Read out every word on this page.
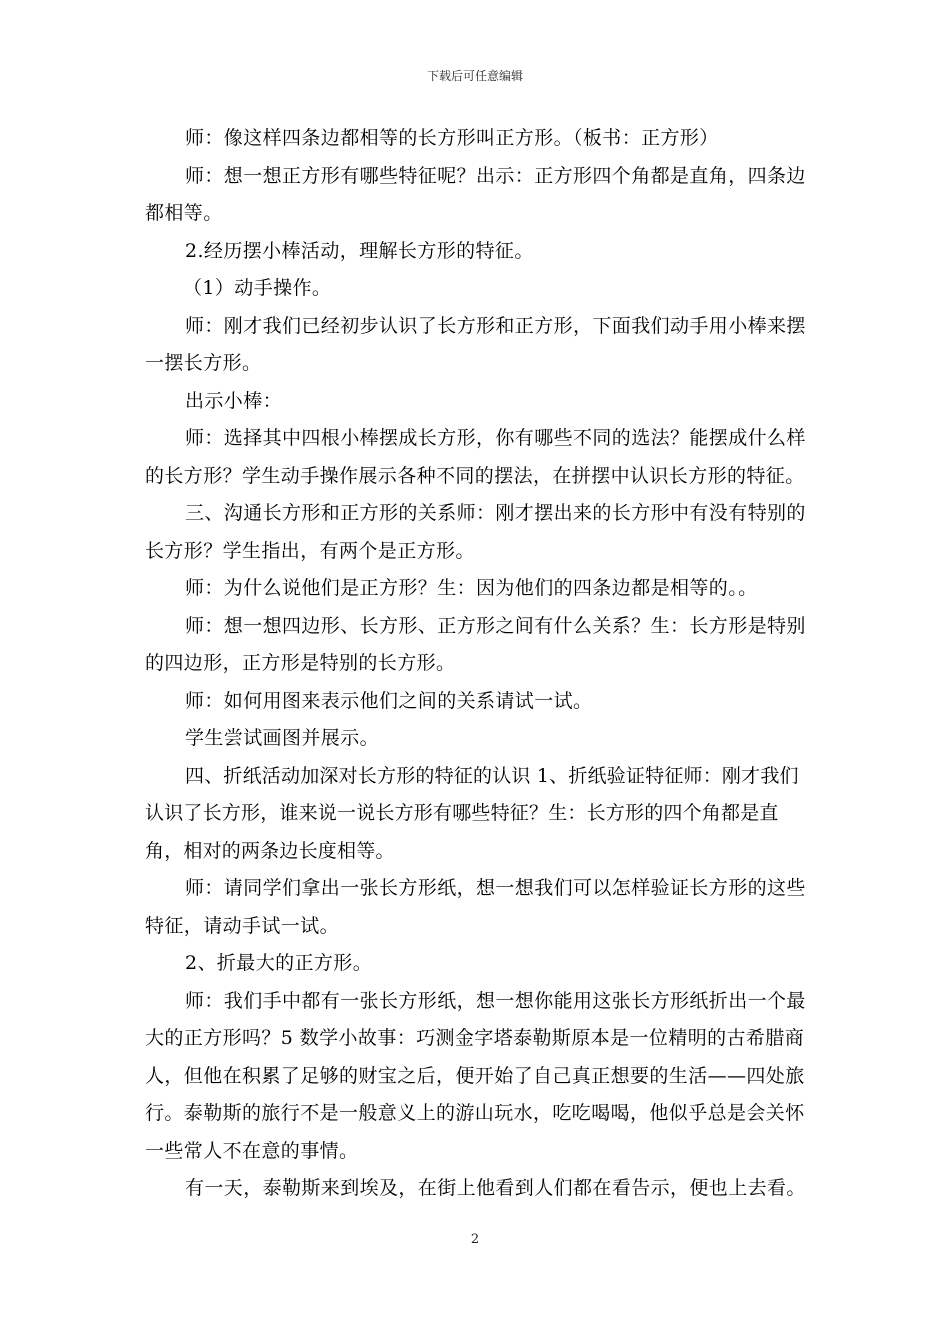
下载后可任意编辑

师：像这样四条边都相等的长方形叫正方形。（板书：正方形）

师：想一想正方形有哪些特征呢？出示：正方形四个角都是直角，四条边都相等。

2.经历摆小棒活动，理解长方形的特征。

（1）动手操作。

师：刚才我们已经初步认识了长方形和正方形，下面我们动手用小棒来摆一摆长方形。

出示小棒：

师：选择其中四根小棒摆成长方形，你有哪些不同的选法？能摆成什么样的长方形？学生动手操作展示各种不同的摆法，在拼摆中认识长方形的特征。

三、沟通长方形和正方形的关系师：刚才摆出来的长方形中有没有特别的长方形？学生指出，有两个是正方形。

师：为什么说他们是正方形？生：因为他们的四条边都是相等的。。

师：想一想四边形、长方形、正方形之间有什么关系？生：长方形是特别的四边形，正方形是特别的长方形。

师：如何用图来表示他们之间的关系请试一试。

学生尝试画图并展示。

四、折纸活动加深对长方形的特征的认识 1、折纸验证特征师：刚才我们认识了长方形，谁来说一说长方形有哪些特征？生：长方形的四个角都是直角，相对的两条边长度相等。

师：请同学们拿出一张长方形纸，想一想我们可以怎样验证长方形的这些特征，请动手试一试。

2、折最大的正方形。

师：我们手中都有一张长方形纸，想一想你能用这张长方形纸折出一个最大的正方形吗？5 数学小故事：巧测金字塔泰勒斯原本是一位精明的古希腊商人，但他在积累了足够的财宝之后，便开始了自己真正想要的生活——四处旅行。泰勒斯的旅行不是一般意义上的游山玩水，吃吃喝喝，他似乎总是会关怀一些常人不在意的事情。

有一天，泰勒斯来到埃及，在街上他看到人们都在看告示，便也上去看。

2
